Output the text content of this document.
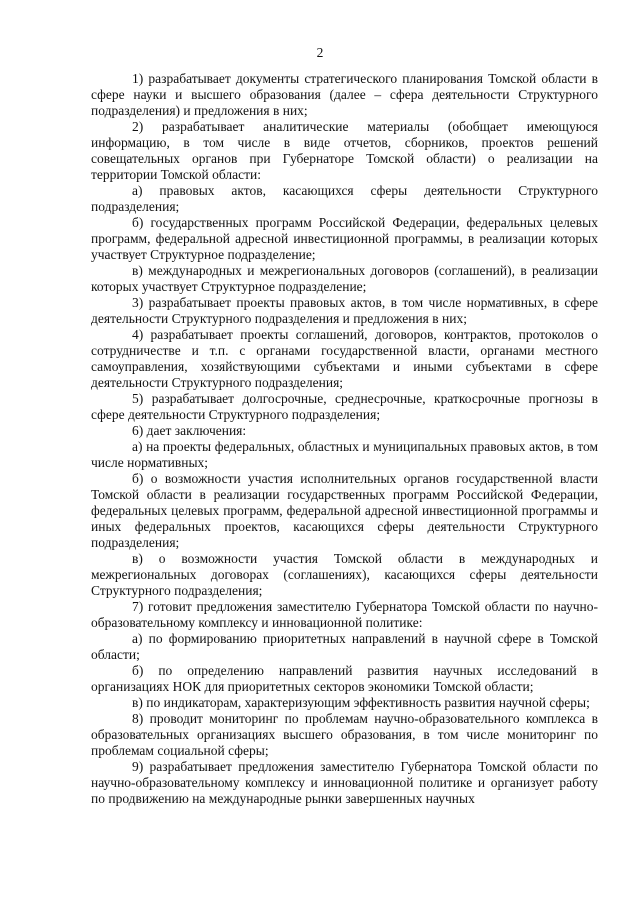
2

1) разрабатывает документы стратегического планирования Томской области в сфере науки и высшего образования (далее – сфера деятельности Структурного подразделения) и предложения в них;

2) разрабатывает аналитические материалы (обобщает имеющуюся информацию, в том числе в виде отчетов, сборников, проектов решений совещательных органов при Губернаторе Томской области) о реализации на территории Томской области:

а) правовых актов, касающихся сферы деятельности Структурного подразделения;

б) государственных программ Российской Федерации, федеральных целевых программ, федеральной адресной инвестиционной программы, в реализации которых участвует Структурное подразделение;

в) международных и межрегиональных договоров (соглашений), в реализации которых участвует Структурное подразделение;

3) разрабатывает проекты правовых актов, в том числе нормативных, в сфере деятельности Структурного подразделения и предложения в них;

4) разрабатывает проекты соглашений, договоров, контрактов, протоколов о сотрудничестве и т.п. с органами государственной власти, органами местного самоуправления, хозяйствующими субъектами и иными субъектами в сфере деятельности Структурного подразделения;

5) разрабатывает долгосрочные, среднесрочные, краткосрочные прогнозы в сфере деятельности Структурного подразделения;

6) дает заключения:

а) на проекты федеральных, областных и муниципальных правовых актов, в том числе нормативных;

б) о возможности участия исполнительных органов государственной власти Томской области в реализации государственных программ Российской Федерации, федеральных целевых программ, федеральной адресной инвестиционной программы и иных федеральных проектов, касающихся сферы деятельности Структурного подразделения;

в) о возможности участия Томской области в международных и межрегиональных договорах (соглашениях), касающихся сферы деятельности Структурного подразделения;

7) готовит предложения заместителю Губернатора Томской области по научно-образовательному комплексу и инновационной политике:

а) по формированию приоритетных направлений в научной сфере в Томской области;

б) по определению направлений развития научных исследований в организациях НОК для приоритетных секторов экономики Томской области;

в) по индикаторам, характеризующим эффективность развития научной сферы;

8) проводит мониторинг по проблемам научно-образовательного комплекса в образовательных организациях высшего образования, в том числе мониторинг по проблемам социальной сферы;

9) разрабатывает предложения заместителю Губернатора Томской области по научно-образовательному комплексу и инновационной политике и организует работу по продвижению на международные рынки завершенных научных
